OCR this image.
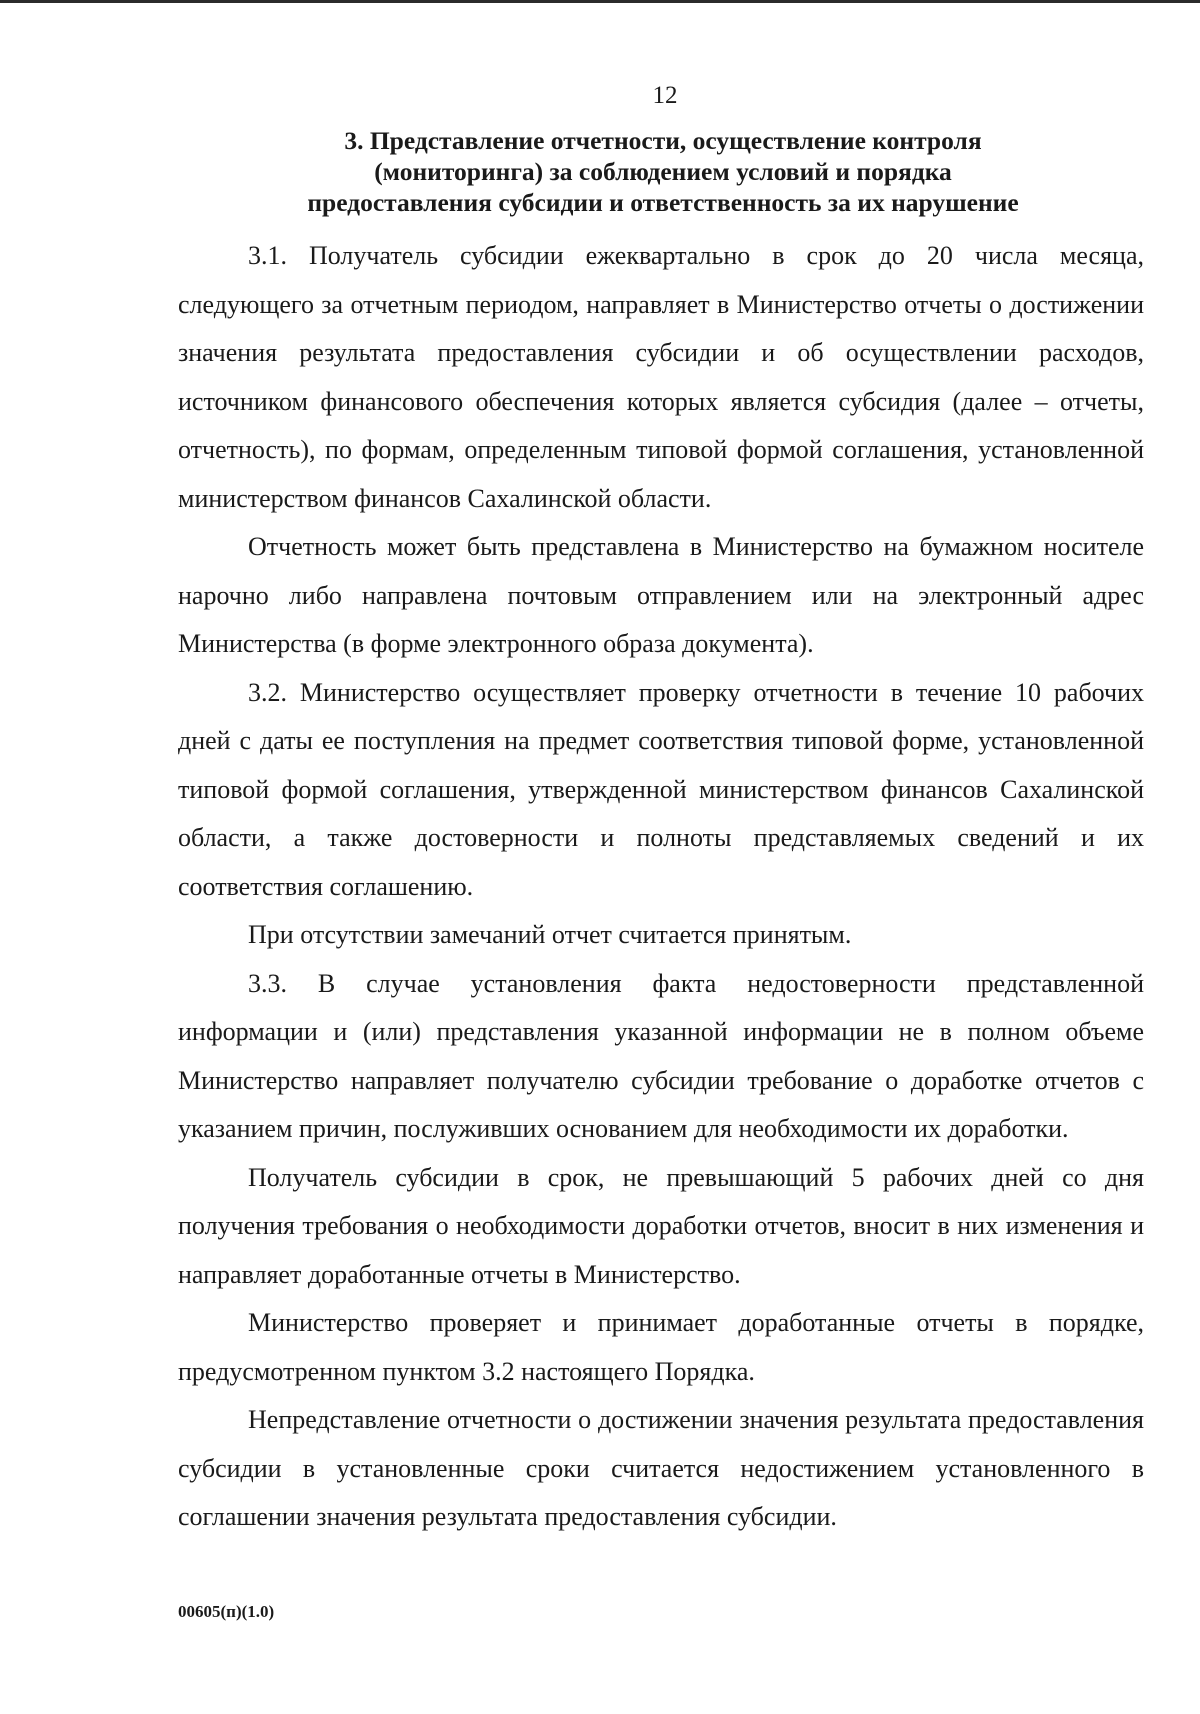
12
3. Представление отчетности, осуществление контроля
(мониторинга) за соблюдением условий и порядка
предоставления субсидии и ответственность за их нарушение

3.1. Получатель субсидии ежеквартально в срок до 20 числа месяца, следующего за отчетным периодом, направляет в Министерство отчеты о достижении значения результата предоставления субсидии и об осуществлении расходов, источником финансового обеспечения которых является субсидия (далее – отчеты, отчетность), по формам, определенным типовой формой соглашения, установленной министерством финансов Сахалинской области.

Отчетность может быть представлена в Министерство на бумажном носителе нарочно либо направлена почтовым отправлением или на электронный адрес Министерства (в форме электронного образа документа).

3.2. Министерство осуществляет проверку отчетности в течение 10 рабочих дней с даты ее поступления на предмет соответствия типовой форме, установленной типовой формой соглашения, утвержденной министерством финансов Сахалинской области, а также достоверности и полноты представляемых сведений и их соответствия соглашению.

При отсутствии замечаний отчет считается принятым.

3.3. В случае установления факта недостоверности представленной информации и (или) представления указанной информации не в полном объеме Министерство направляет получателю субсидии требование о доработке отчетов с указанием причин, послуживших основанием для необходимости их доработки.

Получатель субсидии в срок, не превышающий 5 рабочих дней со дня получения требования о необходимости доработки отчетов, вносит в них изменения и направляет доработанные отчеты в Министерство.

Министерство проверяет и принимает доработанные отчеты в порядке, предусмотренном пунктом 3.2 настоящего Порядка.

Непредставление отчетности о достижении значения результата предоставления субсидии в установленные сроки считается недостижением установленного в соглашении значения результата предоставления субсидии.

00605(п)(1.0)
